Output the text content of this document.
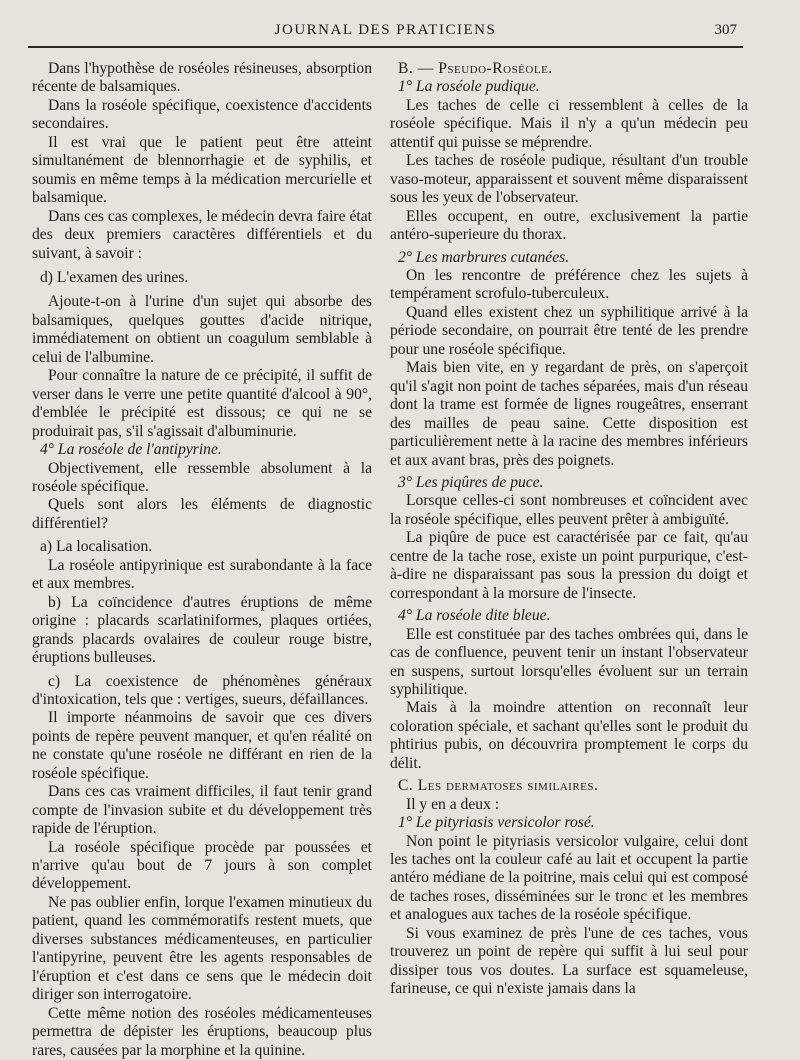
JOURNAL DES PRATICIENS	307

Dans l'hypothèse de roséoles résineuses, absorption récente de balsamiques.

Dans la roséole spécifique, coexistence d'accidents secondaires.

Il est vrai que le patient peut être atteint simultanément de blennorrhagie et de syphilis, et soumis en même temps à la médication mercurielle et balsamique.

Dans ces cas complexes, le médecin devra faire état des deux premiers caractères différentiels et du suivant, à savoir :

d) L'examen des urines.

Ajoute-t-on à l'urine d'un sujet qui absorbe des balsamiques, quelques gouttes d'acide nitrique, immédiatement on obtient un coagulum semblable à celui de l'albumine.

Pour connaître la nature de ce précipité, il suffit de verser dans le verre une petite quantité d'alcool à 90°, d'emblée le précipité est dissous; ce qui ne se produirait pas, s'il s'agissait d'albuminurie.

4° La roséole de l'antipyrine.

Objectivement, elle ressemble absolument à la roséole spécifique.

Quels sont alors les éléments de diagnostic différentiel?

a) La localisation.

La roséole antipyrinique est surabondante à la face et aux membres.

b) La coïncidence d'autres éruptions de même origine : placards scarlatiniformes, plaques ortiées, grands placards ovalaires de couleur rouge bistre, éruptions bulleuses.

c) La coexistence de phénomènes généraux d'intoxication, tels que : vertiges, sueurs, défaillances.

Il importe néanmoins de savoir que ces divers points de repère peuvent manquer, et qu'en réalité on ne constate qu'une roséole ne différant en rien de la roséole spécifique.

Dans ces cas vraiment difficiles, il faut tenir grand compte de l'invasion subite et du développement très rapide de l'éruption.

La roséole spécifique procède par poussées et n'arrive qu'au bout de 7 jours à son complet développement.

Ne pas oublier enfin, lorque l'examen minutieux du patient, quand les commémoratifs restent muets, que diverses substances médicamenteuses, en particulier l'antipyrine, peuvent être les agents responsables de l'éruption et c'est dans ce sens que le médecin doit diriger son interrogatoire.

Cette même notion des roséoles médicamenteuses permettra de dépister les éruptions, beaucoup plus rares, causées par la morphine et la quinine.

B. — Pseudo-Roséole.

1° La roséole pudique.

Les taches de celle ci ressemblent à celles de la roséole spécifique. Mais il n'y a qu'un médecin peu attentif qui puisse se méprendre.

Les taches de roséole pudique, résultant d'un trouble vaso-moteur, apparaissent et souvent même disparaissent sous les yeux de l'observateur.

Elles occupent, en outre, exclusivement la partie antéro-superieure du thorax.

2° Les marbrures cutanées.

On les rencontre de préférence chez les sujets à tempérament scrofulo-tuberculeux.

Quand elles existent chez un syphilitique arrivé à la période secondaire, on pourrait être tenté de les prendre pour une roséole spécifique.

Mais bien vite, en y regardant de près, on s'aperçoit qu'il s'agit non point de taches séparées, mais d'un réseau dont la trame est formée de lignes rougeâtres, enserrant des mailles de peau saine. Cette disposition est particulièrement nette à la racine des membres inférieurs et aux avant bras, près des poignets.

3° Les piqûres de puce.

Lorsque celles-ci sont nombreuses et coïncident avec la roséole spécifique, elles peuvent prêter à ambiguïté.

La piqûre de puce est caractérisée par ce fait, qu'au centre de la tache rose, existe un point purpurique, c'est-à-dire ne disparaissant pas sous la pression du doigt et correspondant à la morsure de l'insecte.

4° La roséole dite bleue.

Elle est constituée par des taches ombrées qui, dans le cas de confluence, peuvent tenir un instant l'observateur en suspens, surtout lorsqu'elles évoluent sur un terrain syphilitique.

Mais à la moindre attention on reconnaît leur coloration spéciale, et sachant qu'elles sont le produit du phtirius pubis, on découvrira promptement le corps du délit.

C. Les dermatoses similaires.

Il y en a deux :

1° Le pityriasis versicolor rosé.

Non point le pityriasis versicolor vulgaire, celui dont les taches ont la couleur café au lait et occupent la partie antéro médiane de la poitrine, mais celui qui est composé de taches roses, disséminées sur le tronc et les membres et analogues aux taches de la roséole spécifique.

Si vous examinez de près l'une de ces taches, vous trouverez un point de repère qui suffit à lui seul pour dissiper tous vos doutes. La surface est squameleuse, farineuse, ce qui n'existe jamais dans la
